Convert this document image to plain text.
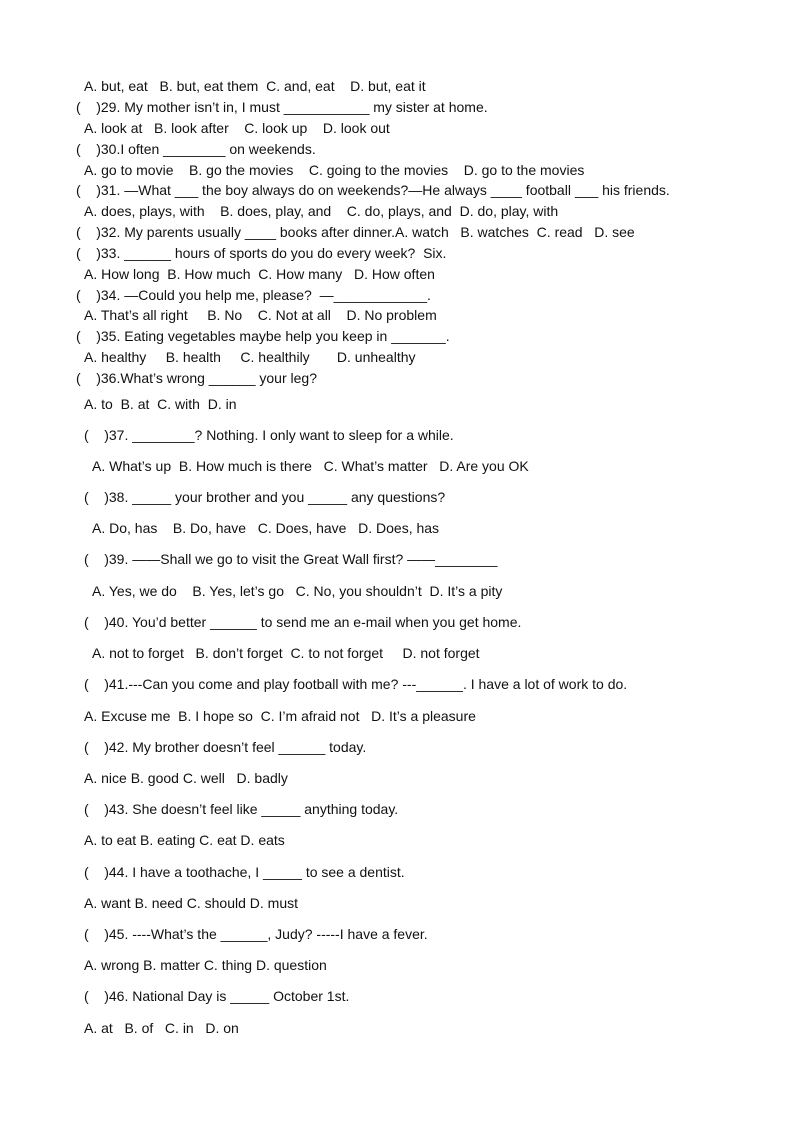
A. but, eat   B. but, eat them  C. and, eat    D. but, eat it
(    )29. My mother isn’t in, I must ___________ my sister at home.
A. look at   B. look after    C. look up    D. look out
(    )30.I often ________ on weekends.
A. go to movie    B. go the movies    C. going to the movies    D. go to the movies
(    )31. —What ___ the boy always do on weekends?—He always ____ football ___ his friends.
A. does, plays, with    B. does, play, and    C. do, plays, and  D. do, play, with
(    )32. My parents usually ____ books after dinner.A. watch   B. watches  C. read   D. see
(    )33. ______ hours of sports do you do every week?  Six.
A. How long  B. How much  C. How many   D. How often
(    )34. —Could you help me, please?  —____________.
A. That’s all right     B. No    C. Not at all    D. No problem
(    )35. Eating vegetables maybe help you keep in _______.
A. healthy     B. health     C. healthily       D. unhealthy
(    )36.What’s wrong ______ your leg?
A. to  B. at  C. with  D. in
(    )37. ________? Nothing. I only want to sleep for a while.
A. What’s up  B. How much is there   C. What’s matter   D. Are you OK
(    )38. _____ your brother and you _____ any questions?
A. Do, has    B. Do, have   C. Does, have   D. Does, has
(    )39. ——Shall we go to visit the Great Wall first? ——________
A. Yes, we do    B. Yes, let’s go   C. No, you shouldn’t  D. It’s a pity
(    )40. You’d better ______ to send me an e-mail when you get home.
A. not to forget   B. don’t forget  C. to not forget     D. not forget
(    )41.---Can you come and play football with me? ---______. I have a lot of work to do.
A. Excuse me  B. I hope so  C. I’m afraid not   D. It’s a pleasure
(    )42. My brother doesn’t feel ______ today.
A. nice B. good C. well   D. badly
(    )43. She doesn’t feel like _____ anything today.
A. to eat B. eating C. eat D. eats
(    )44. I have a toothache, I _____ to see a dentist.
A. want B. need C. should D. must
(    )45. ----What’s the ______, Judy? -----I have a fever.
A. wrong B. matter C. thing D. question
(    )46. National Day is _____ October 1st.
A. at   B. of   C. in   D. on
